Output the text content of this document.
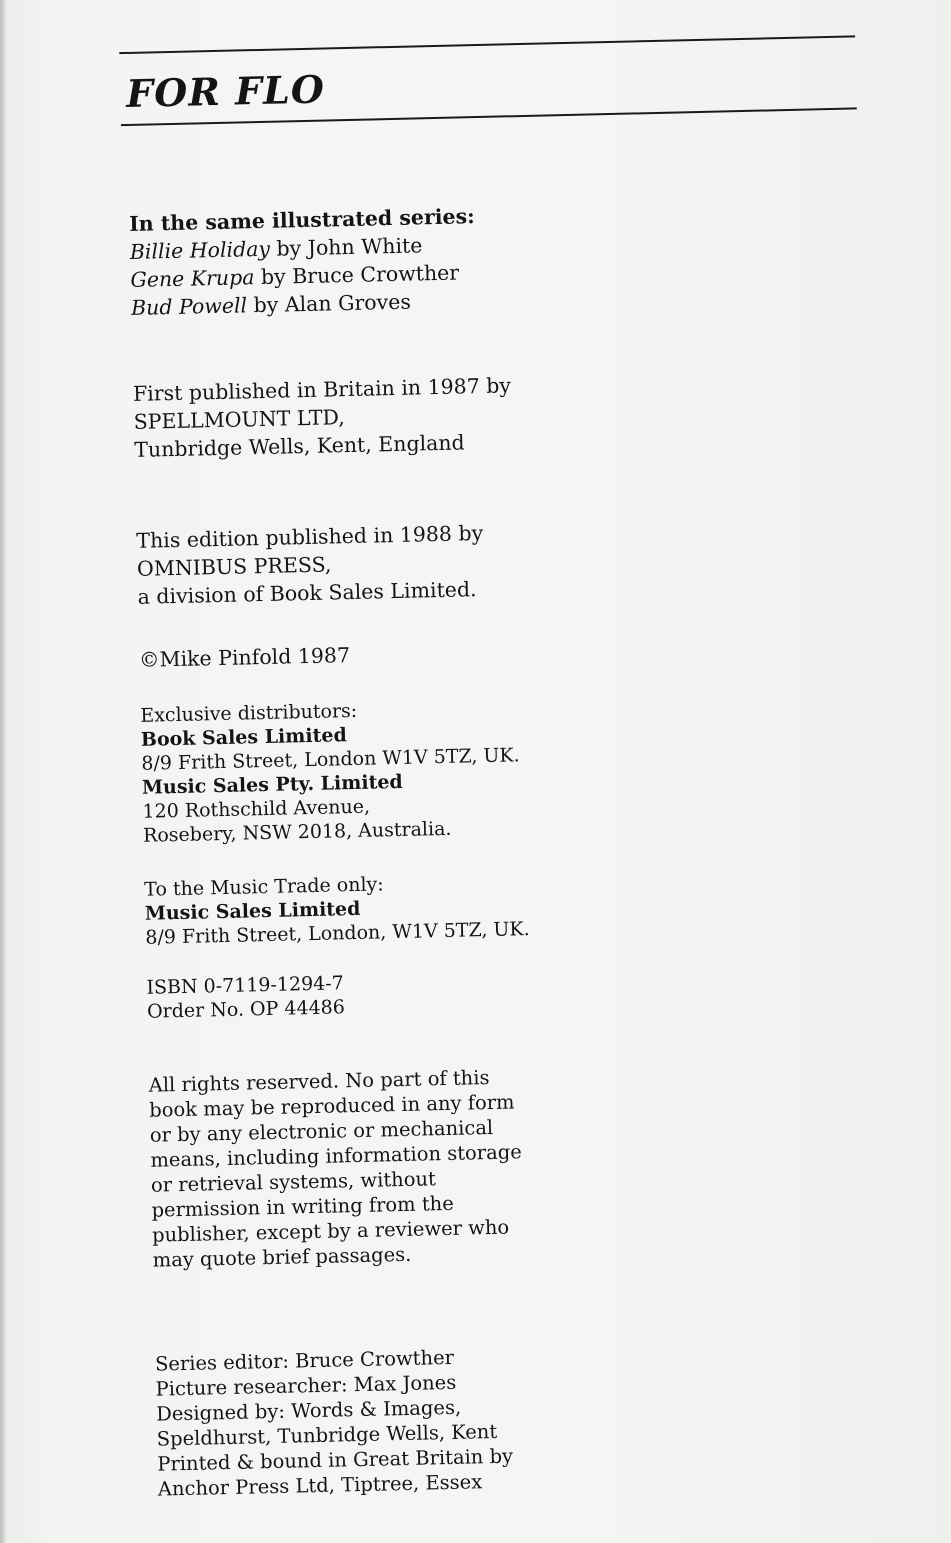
FOR FLO

In the same illustrated series:

Billie Holiday by John White

Gene Krupa by Bruce Crowther

Bud Powell by Alan Groves

First published in Britain in 1987 by

SPELLMOUNT LTD,

Tunbridge Wells, Kent, England

This edition published in 1988 by

OMNIBUS PRESS,

a division of Book Sales Limited.

©Mike Pinfold 1987

Exclusive distributors:

Book Sales Limited

8/9 Frith Street, London W1V 5TZ, UK.

Music Sales Pty. Limited

120 Rothschild Avenue,

Rosebery, NSW 2018, Australia.

To the Music Trade only:

Music Sales Limited

8/9 Frith Street, London, W1V 5TZ, UK.

ISBN 0-7119-1294-7

Order No. OP 44486

All rights reserved. No part of this

book may be reproduced in any form

or by any electronic or mechanical

means, including information storage

or retrieval systems, without

permission in writing from the

publisher, except by a reviewer who

may quote brief passages.

Series editor: Bruce Crowther

Picture researcher: Max Jones

Designed by: Words & Images,

Speldhurst, Tunbridge Wells, Kent

Printed & bound in Great Britain by

Anchor Press Ltd, Tiptree, Essex
